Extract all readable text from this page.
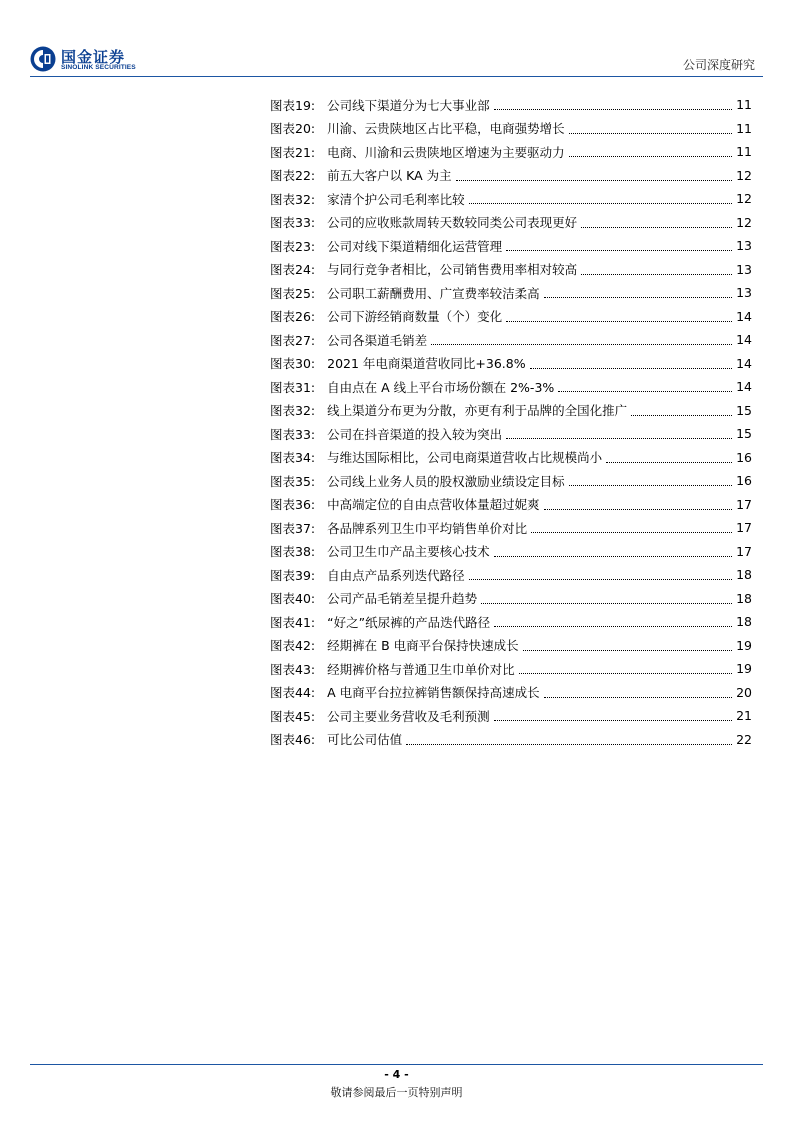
国金证券
SINOLINK SECURITIES	公司深度研究
图表19: 公司线下渠道分为七大事业部	11
图表20: 川渝、云贵陕地区占比平稳，电商强势增长	11
图表21: 电商、川渝和云贵陕地区增速为主要驱动力	11
图表22: 前五大客户以 KA 为主	12
图表32: 家清个护公司毛利率比较	12
图表33: 公司的应收账款周转天数较同类公司表现更好	12
图表23: 公司对线下渠道精细化运营管理	13
图表24: 与同行竞争者相比，公司销售费用率相对较高	13
图表25: 公司职工薪酬费用、广宣费率较洁柔高	13
图表26: 公司下游经销商数量（个）变化	14
图表27: 公司各渠道毛销差	14
图表30: 2021 年电商渠道营收同比+36.8%	14
图表31: 自由点在 A 线上平台市场份额在 2%-3%	14
图表32: 线上渠道分布更为分散，亦更有利于品牌的全国化推广	15
图表33: 公司在抖音渠道的投入较为突出	15
图表34: 与维达国际相比，公司电商渠道营收占比规模尚小	16
图表35: 公司线上业务人员的股权激励业绩设定目标	16
图表36: 中高端定位的自由点营收体量超过妮爽	17
图表37: 各品牌系列卫生巾平均销售单价对比	17
图表38: 公司卫生巾产品主要核心技术	17
图表39: 自由点产品系列迭代路径	18
图表40: 公司产品毛销差呈提升趋势	18
图表41: “好之”纸尿裤的产品迭代路径	18
图表42: 经期裤在 B 电商平台保持快速成长	19
图表43: 经期裤价格与普通卫生巾单价对比	19
图表44: A 电商平台拉拉裤销售额保持高速成长	20
图表45: 公司主要业务营收及毛利预测	21
图表46: 可比公司估值	22
- 4 -
敬请参阅最后一页特别声明
